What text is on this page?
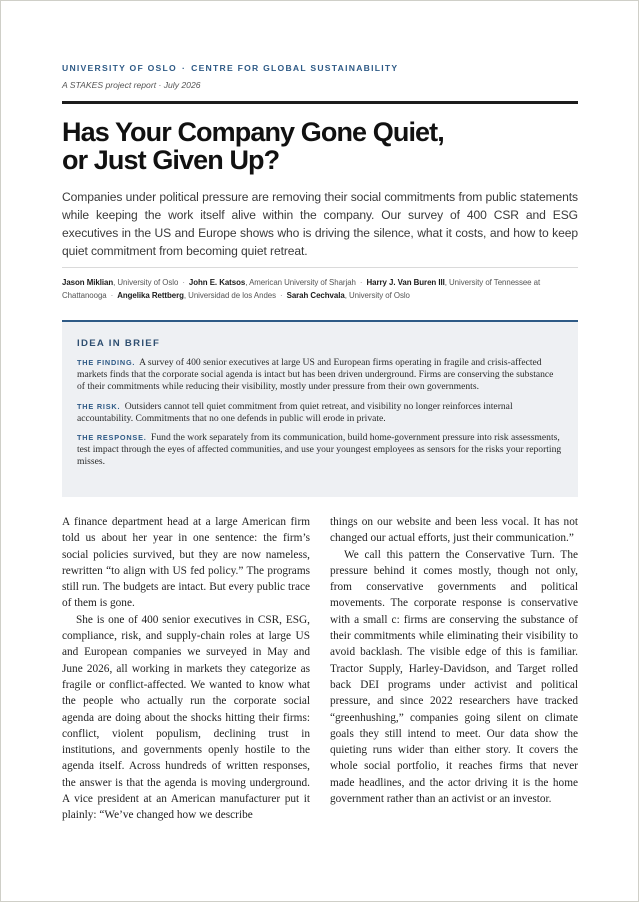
UNIVERSITY OF OSLO · CENTRE FOR GLOBAL SUSTAINABILITY
A STAKES project report · July 2026
Has Your Company Gone Quiet,
or Just Given Up?
Companies under political pressure are removing their social commitments from public statements while keeping the work itself alive within the company. Our survey of 400 CSR and ESG executives in the US and Europe shows who is driving the silence, what it costs, and how to keep quiet commitment from becoming quiet retreat.
Jason Miklian, University of Oslo · John E. Katsos, American University of Sharjah · Harry J. Van Buren III, University of Tennessee at Chattanooga · Angelika Rettberg, Universidad de los Andes · Sarah Cechvala, University of Oslo
IDEA IN BRIEF

THE FINDING. A survey of 400 senior executives at large US and European firms operating in fragile and crisis-affected markets finds that the corporate social agenda is intact but has been driven underground. Firms are conserving the substance of their commitments while reducing their visibility, mostly under pressure from their own governments.

THE RISK. Outsiders cannot tell quiet commitment from quiet retreat, and visibility no longer reinforces internal accountability. Commitments that no one defends in public will erode in private.

THE RESPONSE. Fund the work separately from its communication, build home-government pressure into risk assessments, test impact through the eyes of affected communities, and use your youngest employees as sensors for the risks your reporting misses.

A finance department head at a large American firm told us about her year in one sentence: the firm’s social policies survived, but they are now nameless, rewritten “to align with US fed policy.” The programs still run. The budgets are intact. But every public trace of them is gone.

She is one of 400 senior executives in CSR, ESG, compliance, risk, and supply-chain roles at large US and European companies we surveyed in May and June 2026, all working in markets they categorize as fragile or conflict-affected. We wanted to know what the people who actually run the corporate social agenda are doing about the shocks hitting their firms: conflict, violent populism, declining trust in institutions, and governments openly hostile to the agenda itself. Across hundreds of written responses, the answer is that the agenda is moving underground. A vice president at an American manufacturer put it plainly: “We’ve changed how we describe

things on our website and been less vocal. It has not changed our actual efforts, just their communication.”

We call this pattern the Conservative Turn. The pressure behind it comes mostly, though not only, from conservative governments and political movements. The corporate response is conservative with a small c: firms are conserving the substance of their commitments while eliminating their visibility to avoid backlash. The visible edge of this is familiar. Tractor Supply, Harley-Davidson, and Target rolled back DEI programs under activist and political pressure, and since 2022 researchers have tracked “greenhushing,” companies going silent on climate goals they still intend to meet. Our data show the quieting runs wider than either story. It covers the whole social portfolio, it reaches firms that never made headlines, and the actor driving it is the home government rather than an activist or an investor.
